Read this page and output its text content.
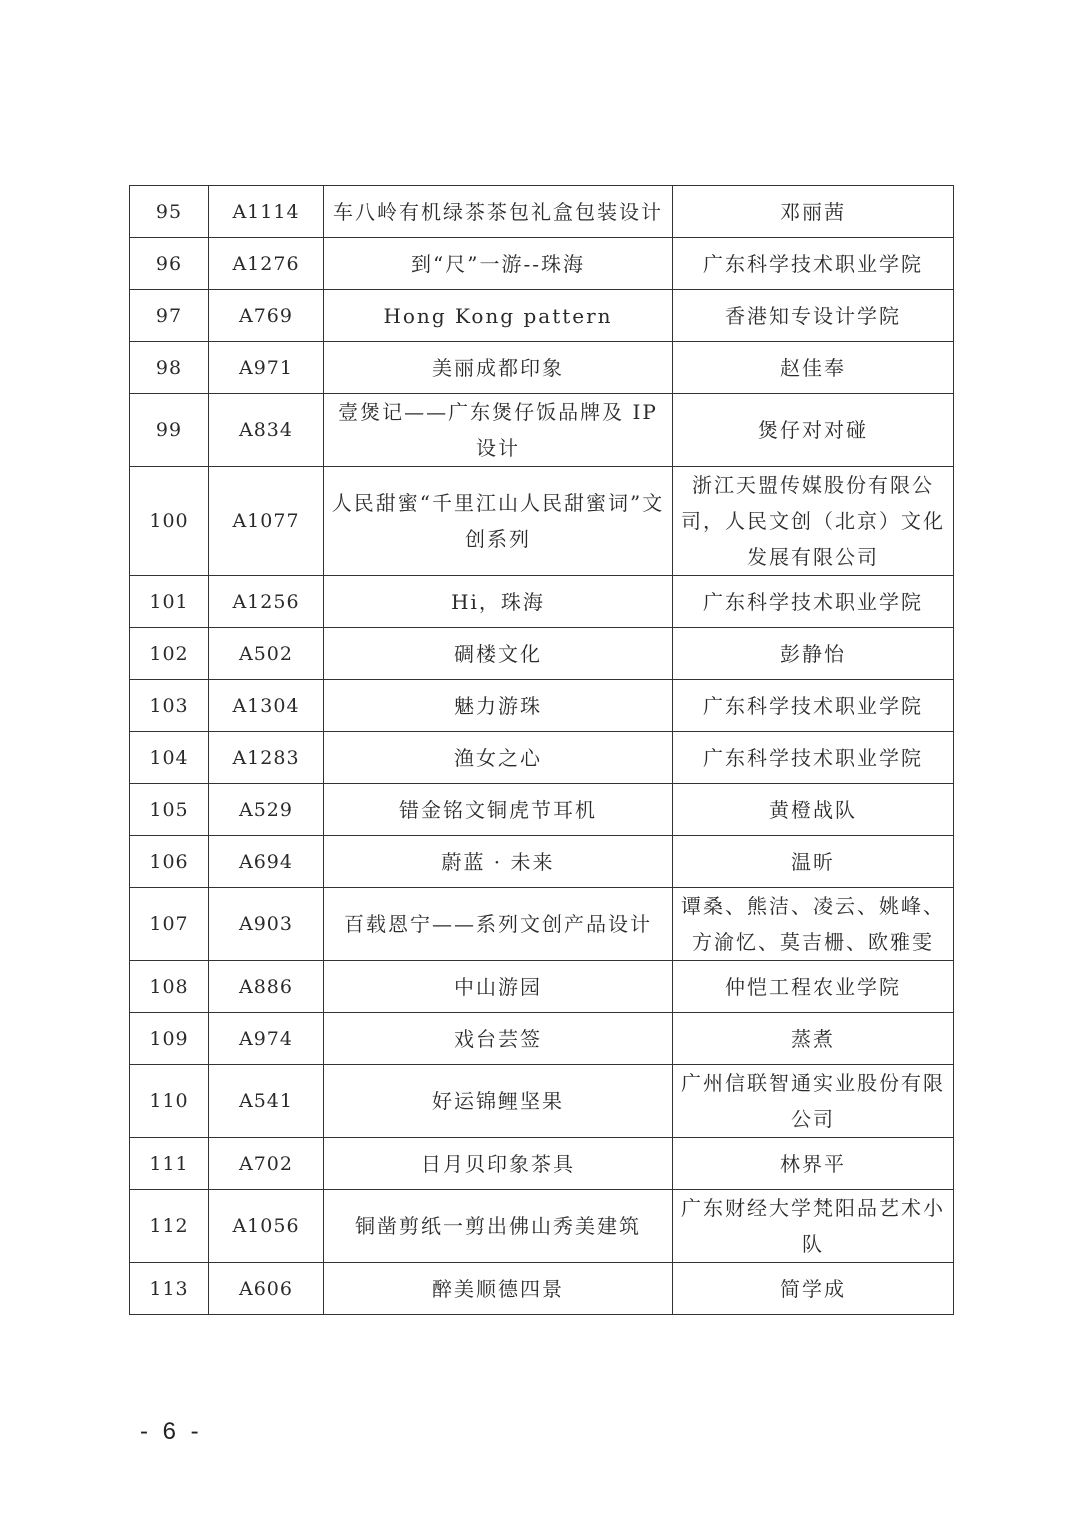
95	A1114	车八岭有机绿茶茶包礼盒包装设计	邓丽茜
96	A1276	到“尺”一游--珠海	广东科学技术职业学院
97	A769	Hong Kong pattern	香港知专设计学院
98	A971	美丽成都印象	赵佳奉
99	A834	壹煲记——广东煲仔饭品牌及 IP 设计	煲仔对对碰
100	A1077	人民甜蜜“千里江山人民甜蜜词”文创系列	浙江天盟传媒股份有限公司，人民文创（北京）文化发展有限公司
101	A1256	Hi，珠海	广东科学技术职业学院
102	A502	碉楼文化	彭静怡
103	A1304	魅力游珠	广东科学技术职业学院
104	A1283	渔女之心	广东科学技术职业学院
105	A529	错金铭文铜虎节耳机	黄橙战队
106	A694	蔚蓝 · 未来	温昕
107	A903	百载恩宁——系列文创产品设计	谭桑、熊洁、凌云、姚峰、方渝忆、莫吉栅、欧雅雯
108	A886	中山游园	仲恺工程农业学院
109	A974	戏台芸签	蒸煮
110	A541	好运锦鲤坚果	广州信联智通实业股份有限公司
111	A702	日月贝印象茶具	林界平
112	A1056	铜凿剪纸一剪出佛山秀美建筑	广东财经大学梵阳品艺术小队
113	A606	醉美顺德四景	简学成
- 6 -
